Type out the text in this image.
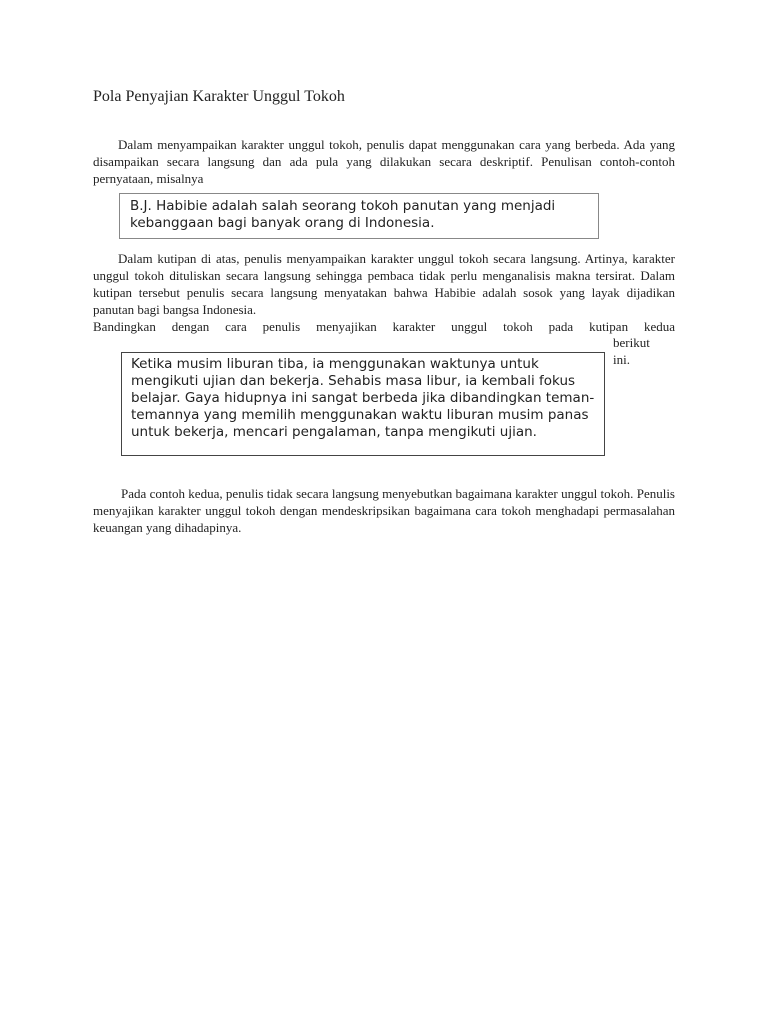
Pola Penyajian Karakter Unggul Tokoh

Dalam menyampaikan karakter unggul tokoh, penulis dapat menggunakan cara yang berbeda. Ada yang disampaikan secara langsung dan ada pula yang dilakukan secara deskriptif. Penulisan contoh-contoh pernyataan, misalnya

B.J. Habibie adalah salah seorang tokoh panutan yang menjadi kebanggaan bagi banyak orang di Indonesia.

Dalam kutipan di atas, penulis menyampaikan karakter unggul tokoh secara langsung. Artinya, karakter unggul tokoh dituliskan secara langsung sehingga pembaca tidak perlu menganalisis makna tersirat. Dalam kutipan tersebut penulis secara langsung menyatakan bahwa Habibie adalah sosok yang layak dijadikan panutan bagi bangsa Indonesia.

Bandingkan dengan cara penulis menyajikan karakter unggul tokoh pada kutipan kedua
berikut
ini.
Ketika musim liburan tiba, ia menggunakan waktunya untuk mengikuti ujian dan bekerja. Sehabis masa libur, ia kembali fokus belajar. Gaya hidupnya ini sangat berbeda jika dibandingkan teman-temannya yang memilih menggunakan waktu liburan musim panas untuk bekerja, mencari pengalaman, tanpa mengikuti ujian.

Pada contoh kedua, penulis tidak secara langsung menyebutkan bagaimana karakter unggul tokoh. Penulis menyajikan karakter unggul tokoh dengan mendeskripsikan bagaimana cara tokoh menghadapi permasalahan keuangan yang dihadapinya.
